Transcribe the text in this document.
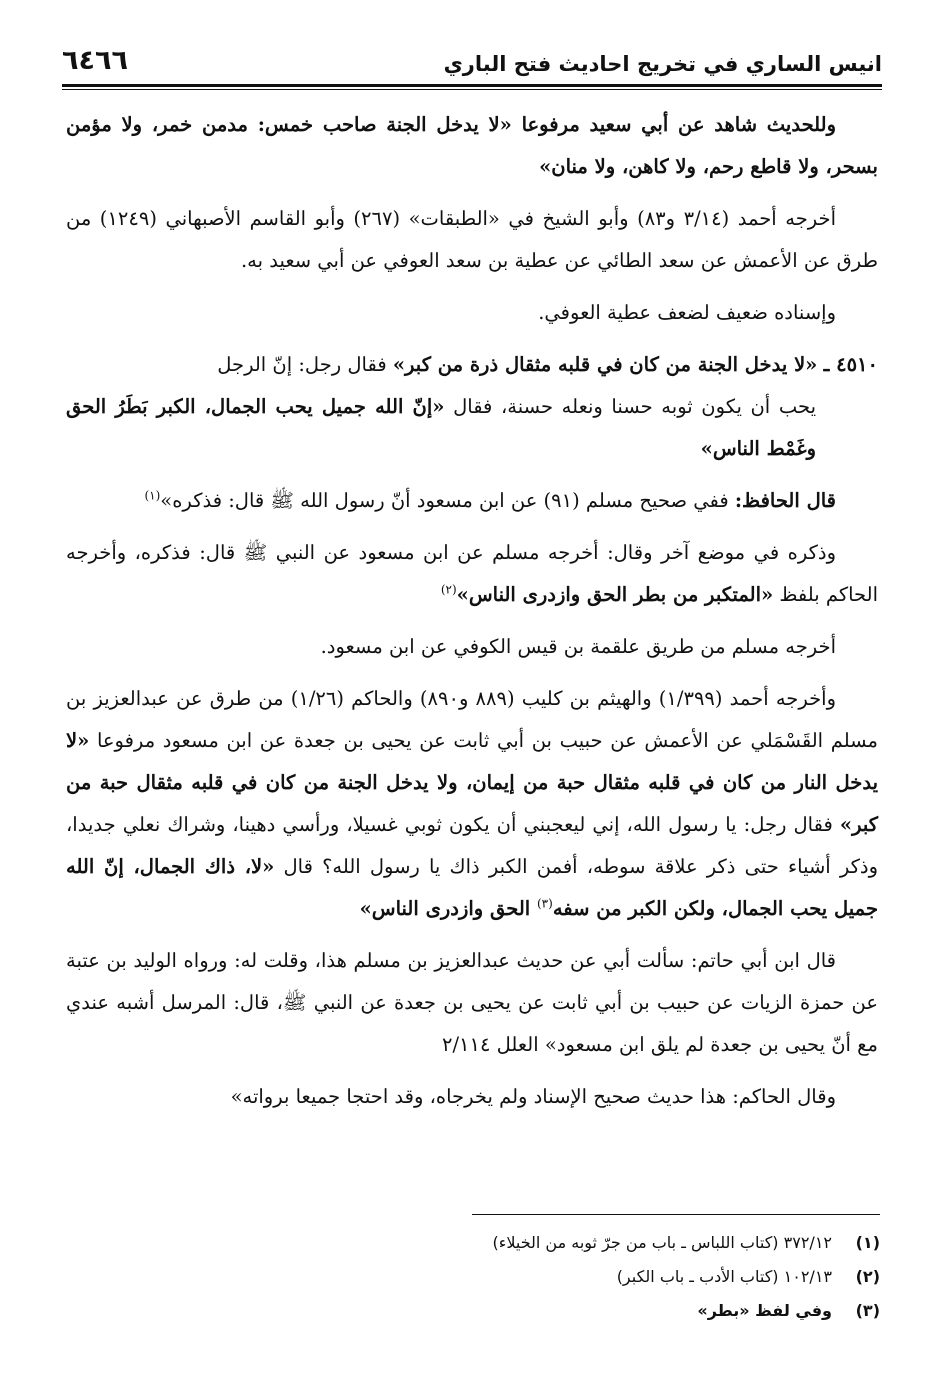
انيس الساري في تخريج احاديث فتح الباري
٦٤٦٦

وللحديث شاهد عن أبي سعيد مرفوعا «لا يدخل الجنة صاحب خمس: مدمن خمر، ولا مؤمن بسحر، ولا قاطع رحم، ولا كاهن، ولا منان»

أخرجه أحمد (٣/١٤ و٨٣) وأبو الشيخ في «الطبقات» (٢٦٧) وأبو القاسم الأصبهاني (١٢٤٩) من طرق عن الأعمش عن سعد الطائي عن عطية بن سعد العوفي عن أبي سعيد به.

وإسناده ضعيف لضعف عطية العوفي.

٤٥١٠ ـ «لا يدخل الجنة من كان في قلبه مثقال ذرة من كبر» فقال رجل: إنّ الرجل
يحب أن يكون ثوبه حسنا ونعله حسنة، فقال «إنّ الله جميل يحب الجمال، الكبر بَطَرُ الحق وغَمْط الناس»

قال الحافظ: ففي صحيح مسلم (٩١) عن ابن مسعود أنّ رسول الله ﷺ قال: فذكره»$^{(١)}$

وذكره في موضع آخر وقال: أخرجه مسلم عن ابن مسعود عن النبي ﷺ قال: فذكره، وأخرجه الحاكم بلفظ «المتكبر من بطر الحق وازدرى الناس»$^{(٢)}$

أخرجه مسلم من طريق علقمة بن قيس الكوفي عن ابن مسعود.

وأخرجه أحمد (١/٣٩٩) والهيثم بن كليب (٨٨٩ و٨٩٠) والحاكم (١/٢٦) من طرق عن عبدالعزيز بن مسلم القَسْمَلي عن الأعمش عن حبيب بن أبي ثابت عن يحيى بن جعدة عن ابن مسعود مرفوعا «لا يدخل النار من كان في قلبه مثقال حبة من إيمان، ولا يدخل الجنة من كان في قلبه مثقال حبة من كبر» فقال رجل: يا رسول الله، إني ليعجبني أن يكون ثوبي غسيلا، ورأسي دهينا، وشراك نعلي جديدا، وذكر أشياء حتى ذكر علاقة سوطه، أفمن الكبر ذاك يا رسول الله؟ قال «لا، ذاك الجمال، إنّ الله جميل يحب الجمال، ولكن الكبر من سفه$^{(٣)}$ الحق وازدرى الناس»

قال ابن أبي حاتم: سألت أبي عن حديث عبدالعزيز بن مسلم هذا، وقلت له: ورواه الوليد بن عتبة عن حمزة الزيات عن حبيب بن أبي ثابت عن يحيى بن جعدة عن النبي ﷺ، قال: المرسل أشبه عندي مع أنّ يحيى بن جعدة لم يلق ابن مسعود» العلل ٢/١١٤

وقال الحاكم: هذا حديث صحيح الإسناد ولم يخرجاه، وقد احتجا جميعا برواته»

(١)
٣٧٢/١٢ (كتاب اللباس ـ باب من جرّ ثوبه من الخيلاء)
(٢)
١٠٢/١٣ (كتاب الأدب ـ باب الكبر)
(٣)
وفي لفظ «بطر»
